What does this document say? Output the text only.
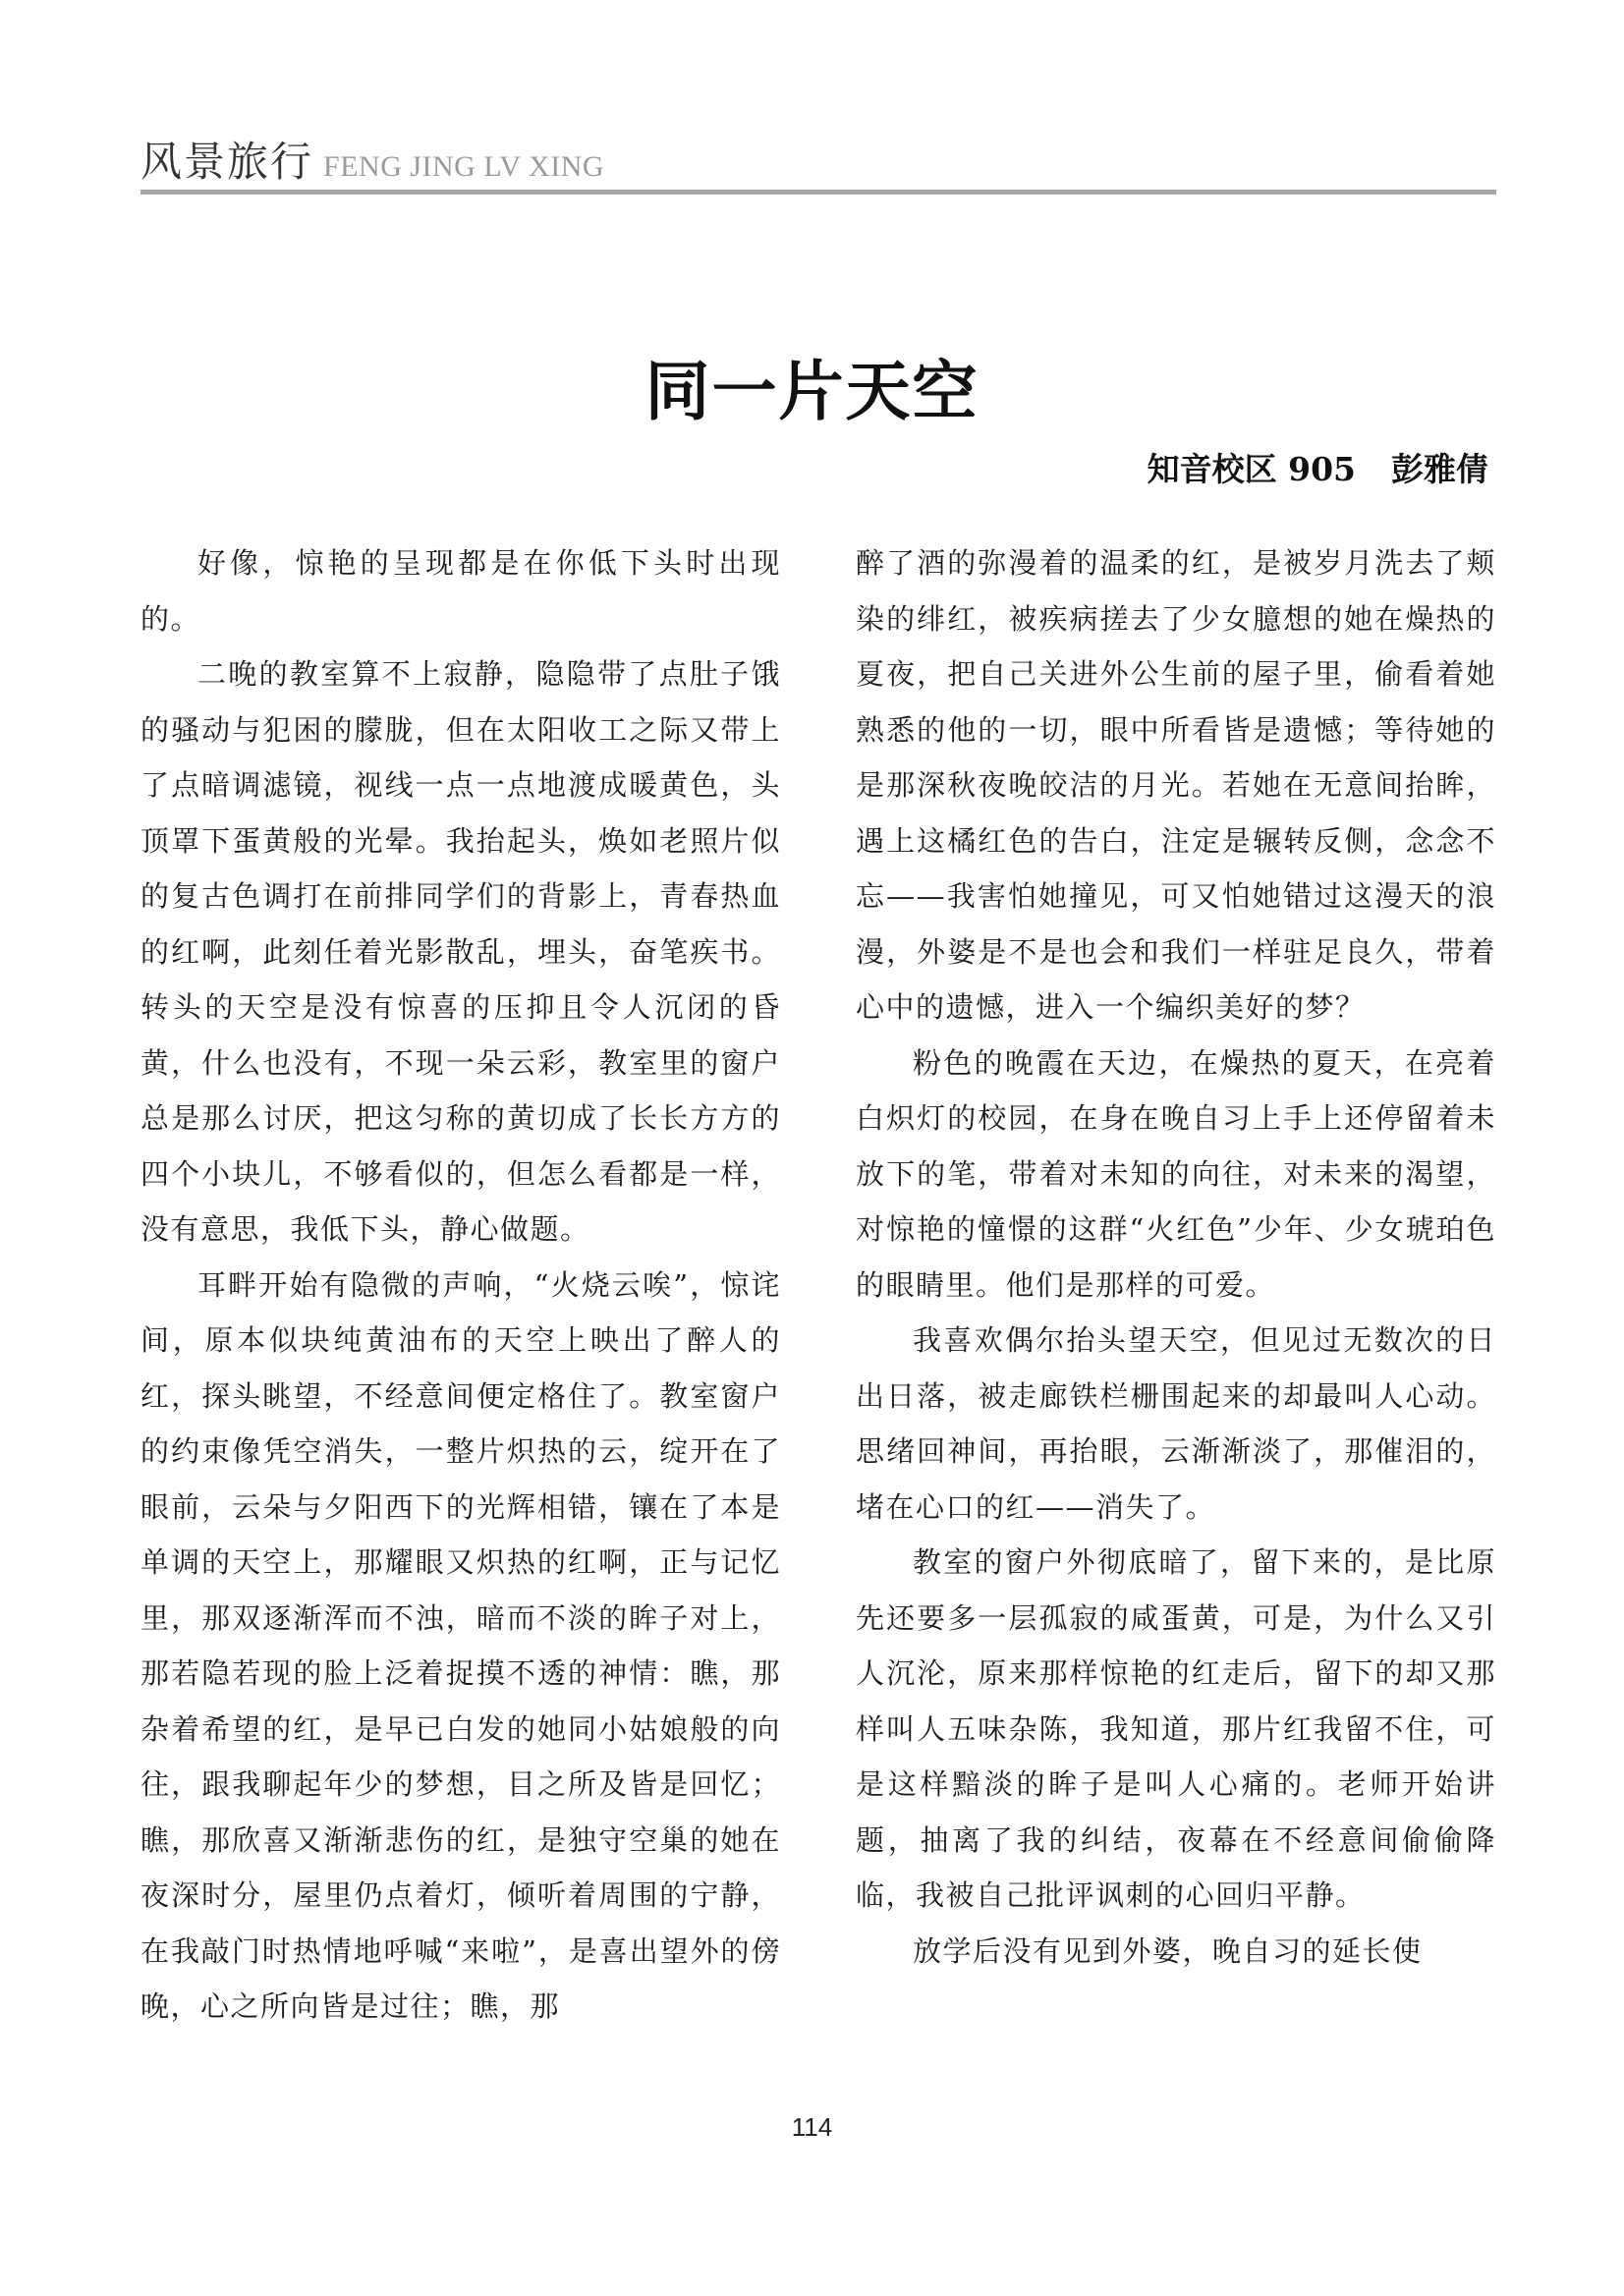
风景旅行 FENG JING LV XING
同一片天空
知音校区 905 彭雅倩

好像，惊艳的呈现都是在你低下头时出现的。

二晚的教室算不上寂静，隐隐带了点肚子饿的骚动与犯困的朦胧，但在太阳收工之际又带上了点暗调滤镜，视线一点一点地渡成暖黄色，头顶罩下蛋黄般的光晕。我抬起头，焕如老照片似的复古色调打在前排同学们的背影上，青春热血的红啊，此刻任着光影散乱，埋头，奋笔疾书。转头的天空是没有惊喜的压抑且令人沉闭的昏黄，什么也没有，不现一朵云彩，教室里的窗户总是那么讨厌，把这匀称的黄切成了长长方方的四个小块儿，不够看似的，但怎么看都是一样，没有意思，我低下头，静心做题。

耳畔开始有隐微的声响，“火烧云唉”，惊诧间，原本似块纯黄油布的天空上映出了醉人的红，探头眺望，不经意间便定格住了。教室窗户的约束像凭空消失，一整片炽热的云，绽开在了眼前，云朵与夕阳西下的光辉相错，镶在了本是单调的天空上，那耀眼又炽热的红啊，正与记忆里，那双逐渐浑而不浊，暗而不淡的眸子对上，那若隐若现的脸上泛着捉摸不透的神情：瞧，那杂着希望的红，是早已白发的她同小姑娘般的向往，跟我聊起年少的梦想，目之所及皆是回忆；瞧，那欣喜又渐渐悲伤的红，是独守空巢的她在夜深时分，屋里仍点着灯，倾听着周围的宁静，在我敲门时热情地呼喊“来啦”，是喜出望外的傍晚，心之所向皆是过往；瞧，那

醉了酒的弥漫着的温柔的红，是被岁月洗去了颊染的绯红，被疾病搓去了少女臆想的她在燥热的夏夜，把自己关进外公生前的屋子里，偷看着她熟悉的他的一切，眼中所看皆是遗憾；等待她的是那深秋夜晚皎洁的月光。若她在无意间抬眸，遇上这橘红色的告白，注定是辗转反侧，念念不忘——我害怕她撞见，可又怕她错过这漫天的浪漫，外婆是不是也会和我们一样驻足良久，带着心中的遗憾，进入一个编织美好的梦？

粉色的晚霞在天边，在燥热的夏天，在亮着白炽灯的校园，在身在晚自习上手上还停留着未放下的笔，带着对未知的向往，对未来的渴望，对惊艳的憧憬的这群“火红色”少年、少女琥珀色的眼睛里。他们是那样的可爱。

我喜欢偶尔抬头望天空，但见过无数次的日出日落，被走廊铁栏栅围起来的却最叫人心动。思绪回神间，再抬眼，云渐渐淡了，那催泪的，堵在心口的红——消失了。

教室的窗户外彻底暗了，留下来的，是比原先还要多一层孤寂的咸蛋黄，可是，为什么又引人沉沦，原来那样惊艳的红走后，留下的却又那样叫人五味杂陈，我知道，那片红我留不住，可是这样黯淡的眸子是叫人心痛的。老师开始讲题，抽离了我的纠结，夜幕在不经意间偷偷降临，我被自己批评讽刺的心回归平静。

放学后没有见到外婆，晚自习的延长使

114
